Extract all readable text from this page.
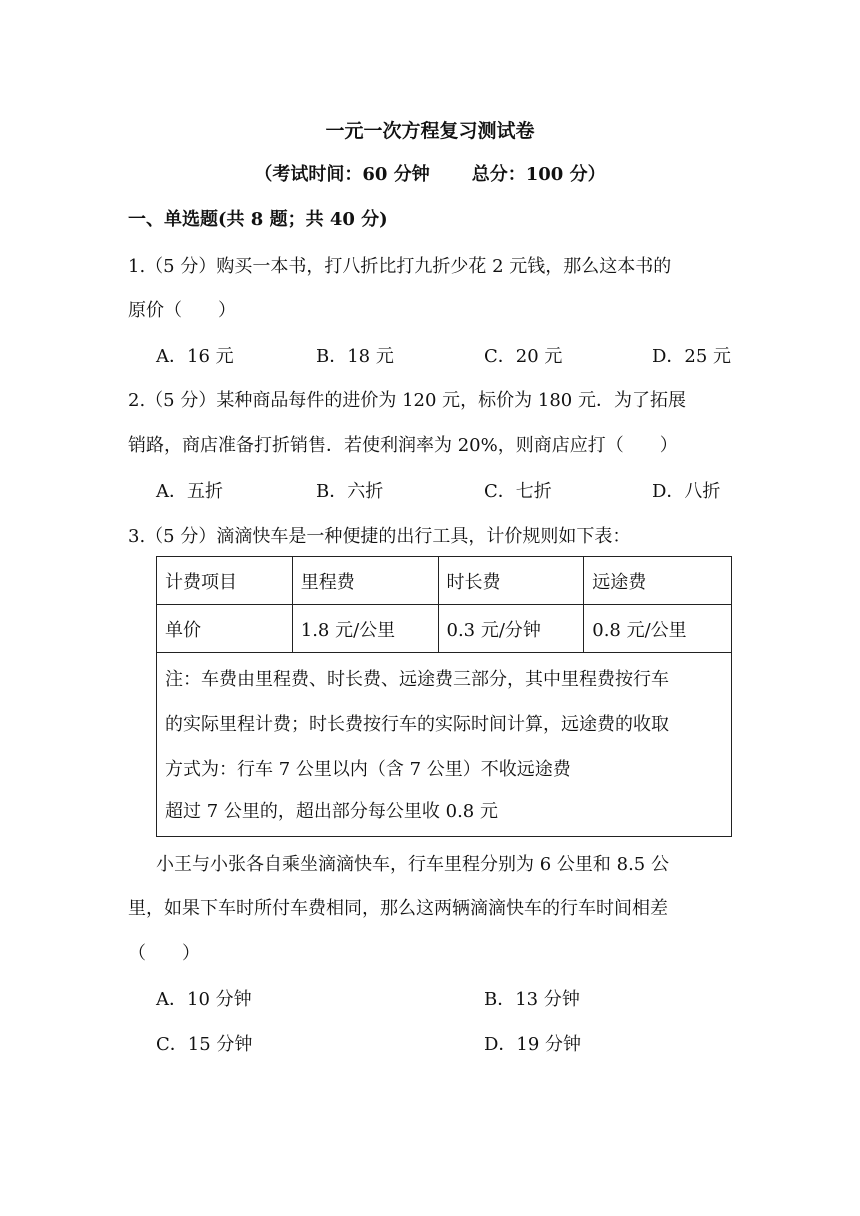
一元一次方程复习测试卷
（考试时间：60 分钟 总分：100 分）
一、单选题(共 8 题；共 40 分)
1.（5 分）购买一本书，打八折比打九折少花 2 元钱，那么这本书的
原价（　　）
A．16 元	B．18 元	C．20 元	D．25 元
2.（5 分）某种商品每件的进价为 120 元，标价为 180 元．为了拓展
销路，商店准备打折销售．若使利润率为 20%，则商店应打（　　）
A．五折	B．六折	C．七折	D．八折
3.（5 分）滴滴快车是一种便捷的出行工具，计价规则如下表：
计费项目	里程费	时长费	远途费
单价	1.8 元/公里	0.3 元/分钟	0.8 元/公里

注：车费由里程费、时长费、远途费三部分，其中里程费按行车
的实际里程计费；时长费按行车的实际时间计算，远途费的收取
方式为：行车 7 公里以内（含 7 公里）不收远途费
超过 7 公里的，超出部分每公里收 0.8 元			
小王与小张各自乘坐滴滴快车，行车里程分别为 6 公里和 8.5 公
里，如果下车时所付车费相同，那么这两辆滴滴快车的行车时间相差
（　　）
A．10 分钟	B．13 分钟
C．15 分钟	D．19 分钟
